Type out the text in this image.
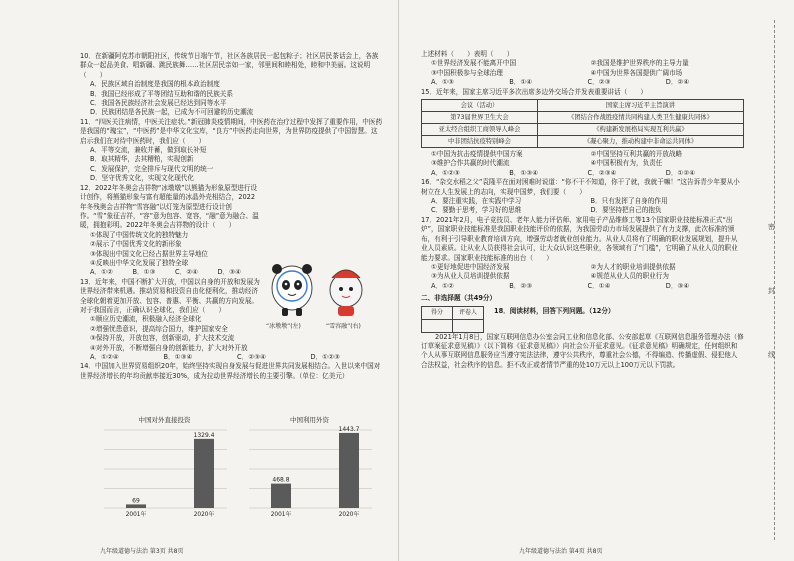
10．在新疆阿克苏市朝阳社区，传统节日端午节，社区各族居民一起包粽子；社区居民茶话会上，各族群众一起品美食、唱新疆、跳民族舞……社区居民亲如一家，邻里间和睦相处，睦和中美丽。这说明（　　）

A．民族区域自治制度是我国的根本政治制度

B．我国已经形成了平等团结互助和谐的民族关系

C．我国各民族经济社会发展已经达到同等水平

D．民族团结是各民族一起，已成为不可回避的历史潮流

11．“四医关注病情，中医关注症状。”新冠肺炎疫情期间，中医药在治疗过程中发挥了重要作用，中医药是我国的“瑰宝”，“中医药”是中华文化宝库，“良方”中医药走向世界，为世界防疫提供了中国智慧。这启示我们在对待中医药时，我们应（　　）

A．平等交流，兼收并蓄，做到取长补短

B．取其精华，去其糟粕，实现创新

C．发展保护，完全排斥与现代文明的统一

D．坚守优秀文化，实现文化现代化

12．2022年冬奥会吉祥物“冰墩墩”以熊猫为形象原型进行设计创作，将熊猫形象与富有超能量的冰晶外壳相结合，2022年冬残奥会吉祥物“雪容融”以灯笼为原型进行设计创作。“雪”象征吉祥，“容”意为包容、宽容，“融”意为融合、温暖，拥抱彩明。2022年冬奥会吉祥物的设计（　　）

①体现了中国传统文化的独特魅力

②展示了中国优秀文化的新形象

③体现出中国文化已经占据世界主导地位

④反映出中华文化发展了独特全球

A．①②	B．①③	C．②④	D．③④

13．近年来，中国不断扩大开放，中国以自身的开放和发展为世界经济带来机遇。推动贸易和投资自由化便利化，推动经济全球化朝着更加开放、包容、普惠、平衡、共赢的方向发展。对于我国而言，正确认识全球化，我们应（　　）

①顺应历史潮流，积极融入经济全球化

②增强忧患意识，提高综合国力，维护国家安全

③保持开放，开放包容，创新驱动，扩大技术交流

④对外开放，不断增强自身的创新能力，扩大对外开放

A．①②④	B．①③④	C．②③④	D．①②③

14．中国加入世界贸易组织20年，始终坚持实现自身发展与促进世界共同发展相结合。入世以来中国对世界经济增长的年均贡献率接近30%，成为拉动世界经济增长的主要引擎。（单位：亿美元）

“冰墩墩”(左)	“雪容融”(右)
中国对外直接投资
69
2001年
1329.4
2020年
中国利用外资
468.8
2001年
1443.7
2020年
九年级道德与法治 第3页 共8页

上述材料（　　）表明（　　）

①世界经济发展不能离开中国	②我国是维护世界秩序的主导力量
③中国积极参与全球治理	④中国为世界各国提供广阔市场
A．①③	B．①④	C．②③	D．②④

15．近年来，国家主席习近平多次出席多边外交场合并发表重要讲话（　　）

会议（活动）	国家主席习近平主旨演讲
第73届世界卫生大会	《团结合作战胜疫情共同构建人类卫生健康共同体》
亚太经合组织工商领导人峰会	《构建新发展格局实现互利共赢》
中非团结抗疫特别峰会	《凝心聚力，推动构建中非命运共同体》
①中国为抗击疫情提供中国方案	②中国坚持互利共赢的开放战略
③维护合作共赢的时代潮流	④中国积极有为，负责任
A．①②③	B．①③④	C．②③④	D．①②④

16．“杂交水稻之父”袁隆平在面对困难时说道：“你不干不知道，你干了就，我就干嘛！”这告诉青少年要从小树立在人生发展上的志向，实现中国梦，我们要（　　）

A．要注重实践，在实践中学习	B．只有发挥了自身的作用
C．要勤于思考，学习好的思维	D．要坚持把自己的抱负

17．2021年2月，电子竞技员、老年人能力评估师、家用电子产品维修工等13个国家职业技能标准正式“出炉”，国家职业技能标准是我国职业技能评价的依据，为我国劳动力市场发展提供了有力支撑，此次标准的颁布，有利于引导职业教育培训方向，增强劳动者就业创业能力。从业人员将有了明确的职业发展规划，提升从业人员素质。让从业人员获得社会认可，让大众认识这些职业，各领域有了“门槛”，它明确了从业人员的职业能力要求。国家职业技能标准的出台（　　）

①更好地促进中国经济发展	②为人才的职业培训提供依据
③为从业人员培训提供依据	④规范从业人员的职业行为
A．①②	B．②③	C．①④	D．③④

二、非选择题（共49分）

得分	评卷人
		18．阅读材料，回答下列问题。（12分）

2021年1月8日，国家互联网信息办公室会同工业和信息化部、公安部起草《互联网信息服务管理办法（修订草案征求意见稿）》（以下简称《征求意见稿》）向社会公开征求意见。《征求意见稿》明确规定，任何组织和个人从事互联网信息服务应当遵守宪法法律，遵守公共秩序，尊重社会公德，不得编造、传播虚假、侵犯他人合法权益，社会秩序的信息。拒不改正或者情节严重的处10万元以上100万元以下罚款。

密
封
线
九年级道德与法治 第4页 共8页
